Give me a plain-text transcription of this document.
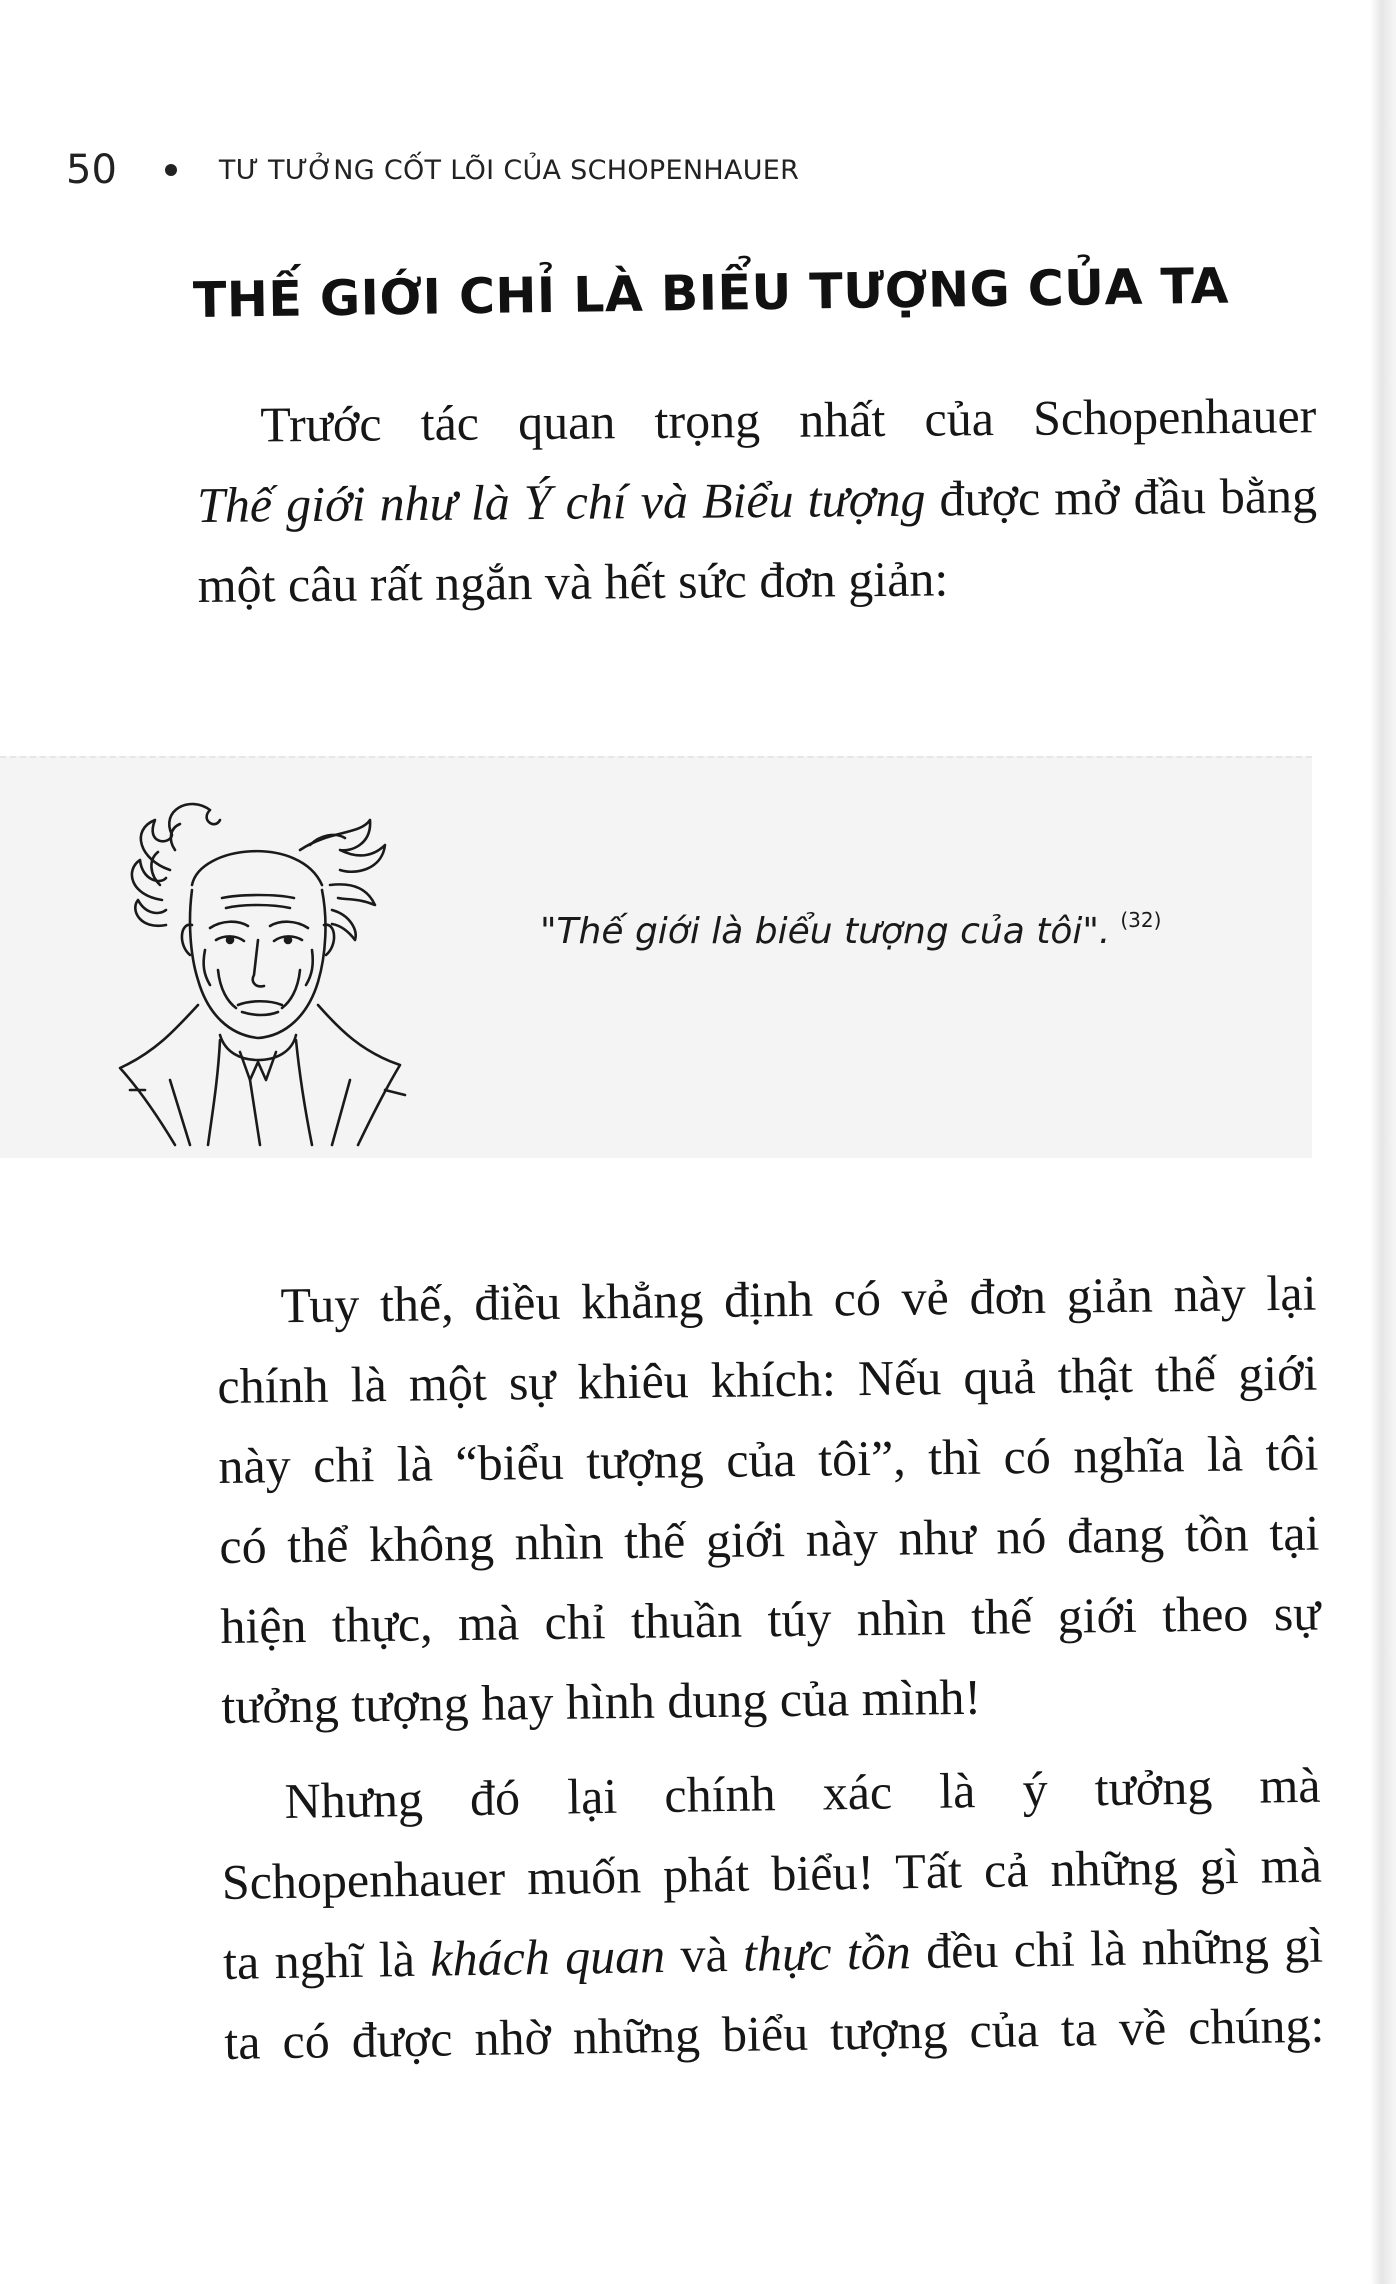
50	TƯ TƯỞNG CỐT LÕI CỦA SCHOPENHAUER
THẾ GIỚI CHỈ LÀ BIỂU TƯỢNG CỦA TA

Trước tác quan trọng nhất của Schopenhauer
Thế giới như là Ý chí và Biểu tượng được mở đầu bằng
một câu rất ngắn và hết sức đơn giản:

"Thế giới là biểu tượng của tôi". $^{(32)}$

Tuy thế, điều khẳng định có vẻ đơn giản này lại
chính là một sự khiêu khích: Nếu quả thật thế giới
này chỉ là “biểu tượng của tôi”, thì có nghĩa là tôi
có thể không nhìn thế giới này như nó đang tồn tại
hiện thực, mà chỉ thuần túy nhìn thế giới theo sự
tưởng tượng hay hình dung của mình!

Nhưng đó lại chính xác là ý tưởng mà
Schopenhauer muốn phát biểu! Tất cả những gì mà
ta nghĩ là khách quan và thực tồn đều chỉ là những gì
ta có được nhờ những biểu tượng của ta về chúng:
